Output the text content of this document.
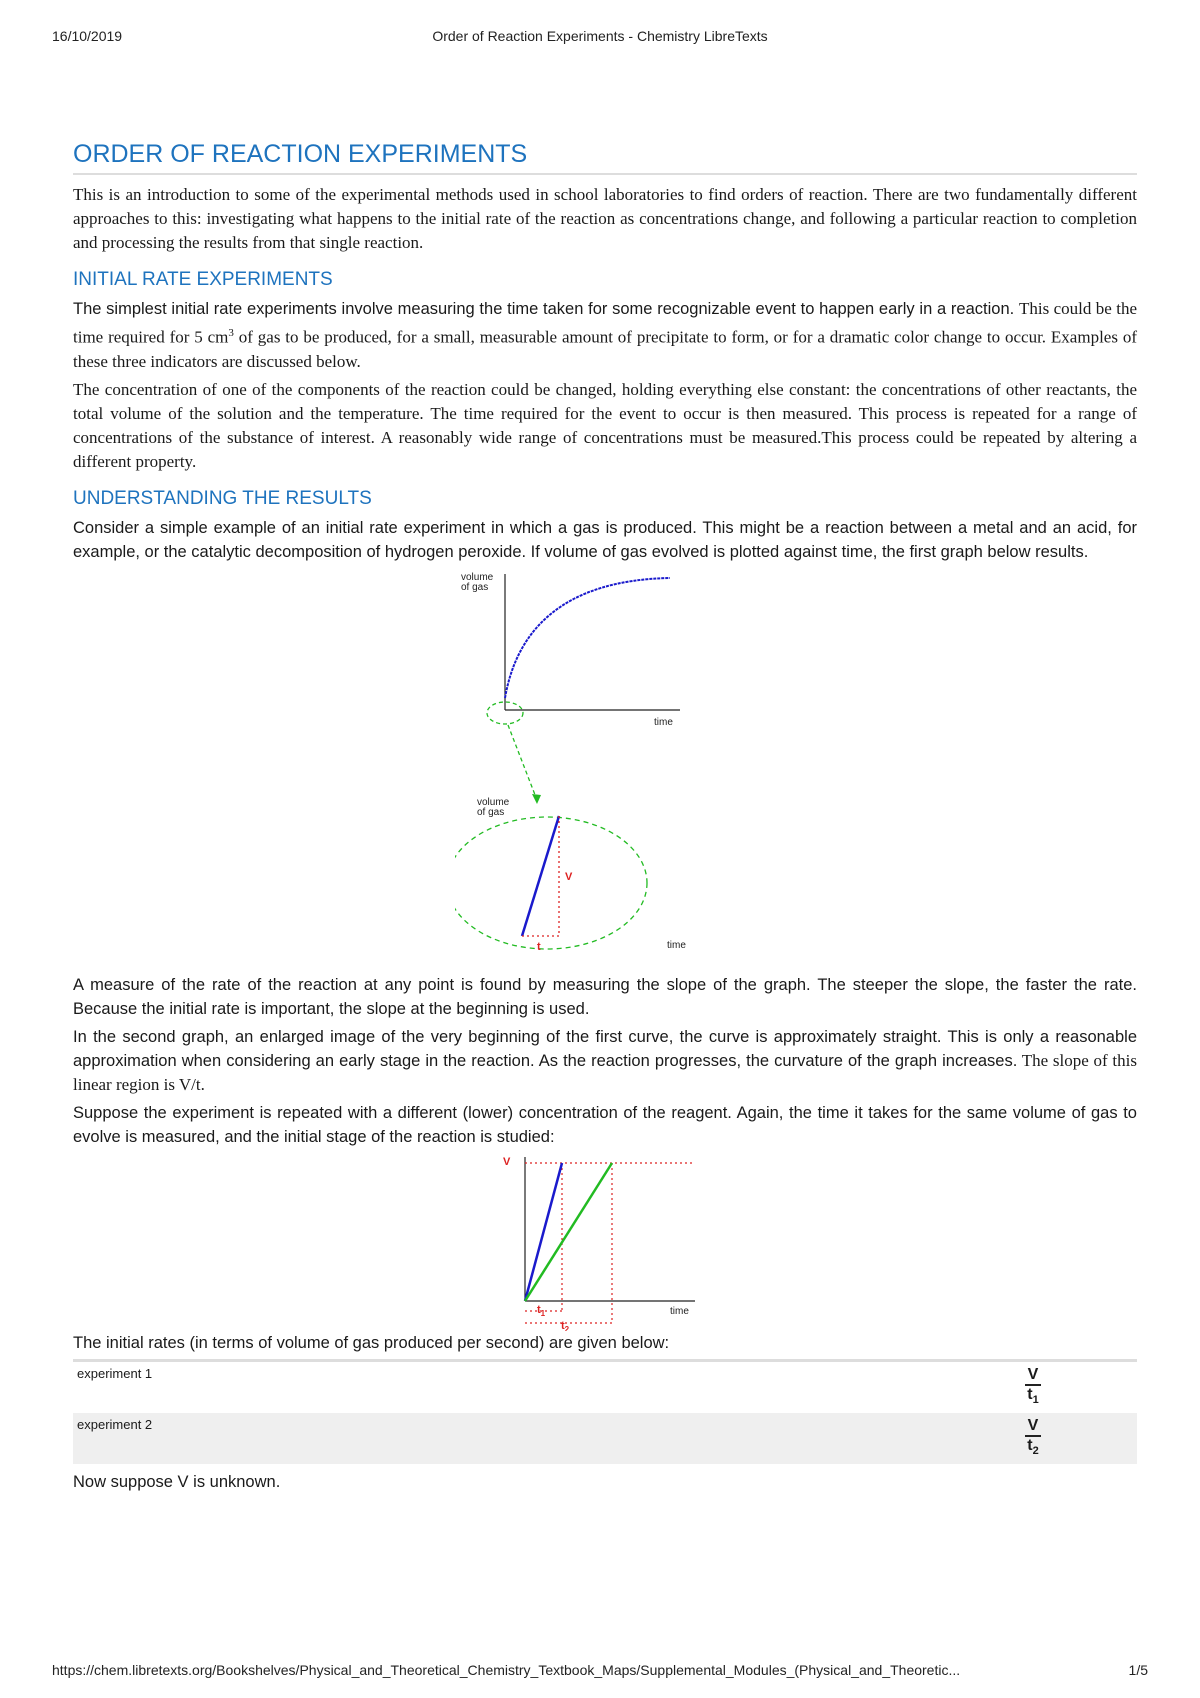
16/10/2019	Order of Reaction Experiments - Chemistry LibreTexts
ORDER OF REACTION EXPERIMENTS

This is an introduction to some of the experimental methods used in school laboratories to find orders of reaction. There are two fundamentally different approaches to this: investigating what happens to the initial rate of the reaction as concentrations change, and following a particular reaction to completion and processing the results from that single reaction.

INITIAL RATE EXPERIMENTS

The simplest initial rate experiments involve measuring the time taken for some recognizable event to happen early in a reaction. This could be the time required for 5 $cm^3$ of gas to be produced, for a small, measurable amount of precipitate to form, or for a dramatic color change to occur. Examples of these three indicators are discussed below.

The concentration of one of the components of the reaction could be changed, holding everything else constant: the concentrations of other reactants, the total volume of the solution and the temperature. The time required for the event to occur is then measured. This process is repeated for a range of concentrations of the substance of interest. A reasonably wide range of concentrations must be measured.This process could be repeated by altering a different property.

UNDERSTANDING THE RESULTS

Consider a simple example of an initial rate experiment in which a gas is produced. This might be a reaction between a metal and an acid, for example, or the catalytic decomposition of hydrogen peroxide. If volume of gas evolved is plotted against time, the first graph below results.

volume
of gas
time
volume
of gas
V
t	time

A measure of the rate of the reaction at any point is found by measuring the slope of the graph. The steeper the slope, the faster the rate. Because the initial rate is important, the slope at the beginning is used.

In the second graph, an enlarged image of the very beginning of the first curve, the curve is approximately straight. This is only a reasonable approximation when considering an early stage in the reaction. As the reaction progresses, the curvature of the graph increases. The slope of this linear region is V/t.

Suppose the experiment is repeated with a different (lower) concentration of the reagent. Again, the time it takes for the same volume of gas to evolve is measured, and the initial stage of the reaction is studied:

V
$t_1$
$t_2$
time

The initial rates (in terms of volume of gas produced per second) are given below:

experiment 1	$\frac{V}{t_1}$

experiment 2	$\frac{V}{t_2}$

Now suppose V is unknown.

https://chem.libretexts.org/Bookshelves/Physical_and_Theoretical_Chemistry_Textbook_Maps/Supplemental_Modules_(Physical_and_Theoretic...	1/5
